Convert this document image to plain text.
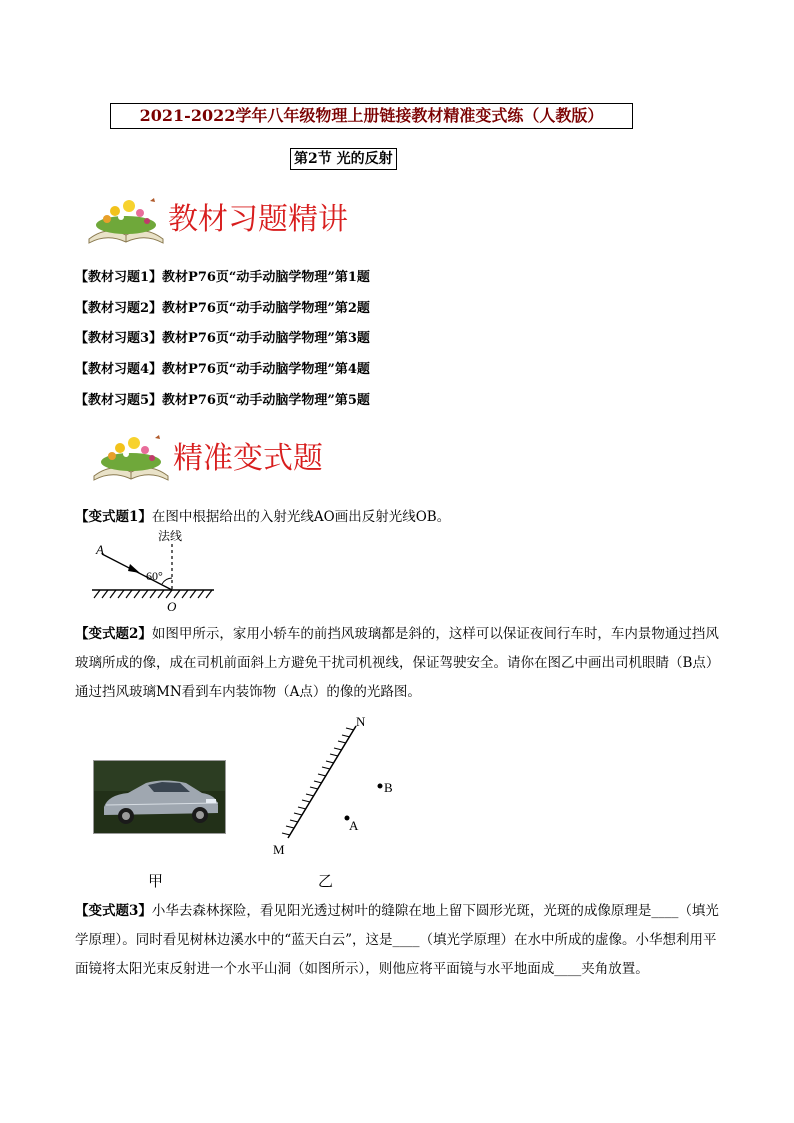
2021-2022学年八年级物理上册链接教材精准变式练（人教版）
第2节 光的反射
教材习题精讲
【教材习题1】教材P76页“动手动脑学物理”第1题
【教材习题2】教材P76页“动手动脑学物理”第2题
【教材习题3】教材P76页“动手动脑学物理”第3题
【教材习题4】教材P76页“动手动脑学物理”第4题
【教材习题5】教材P76页“动手动脑学物理”第5题
精准变式题
【变式题1】在图中根据给出的入射光线AO画出反射光线OB。
60°
A
O
法线
【变式题2】如图甲所示，家用小轿车的前挡风玻璃都是斜的，这样可以保证夜间行车时，车内景物通过挡风玻璃所成的像，成在司机前面斜上方避免干扰司机视线，保证驾驶安全。请你在图乙中画出司机眼睛（B点）通过挡风玻璃MN看到车内装饰物（A点）的像的光路图。
甲
B
A
N
M
乙
【变式题3】小华去森林探险，看见阳光透过树叶的缝隙在地上留下圆形光斑，光斑的成像原理是____（填光学原理）。同时看见树林边溪水中的“蓝天白云”，这是____（填光学原理）在水中所成的虚像。小华想利用平面镜将太阳光束反射进一个水平山洞（如图所示），则他应将平面镜与水平地面成____夹角放置。
